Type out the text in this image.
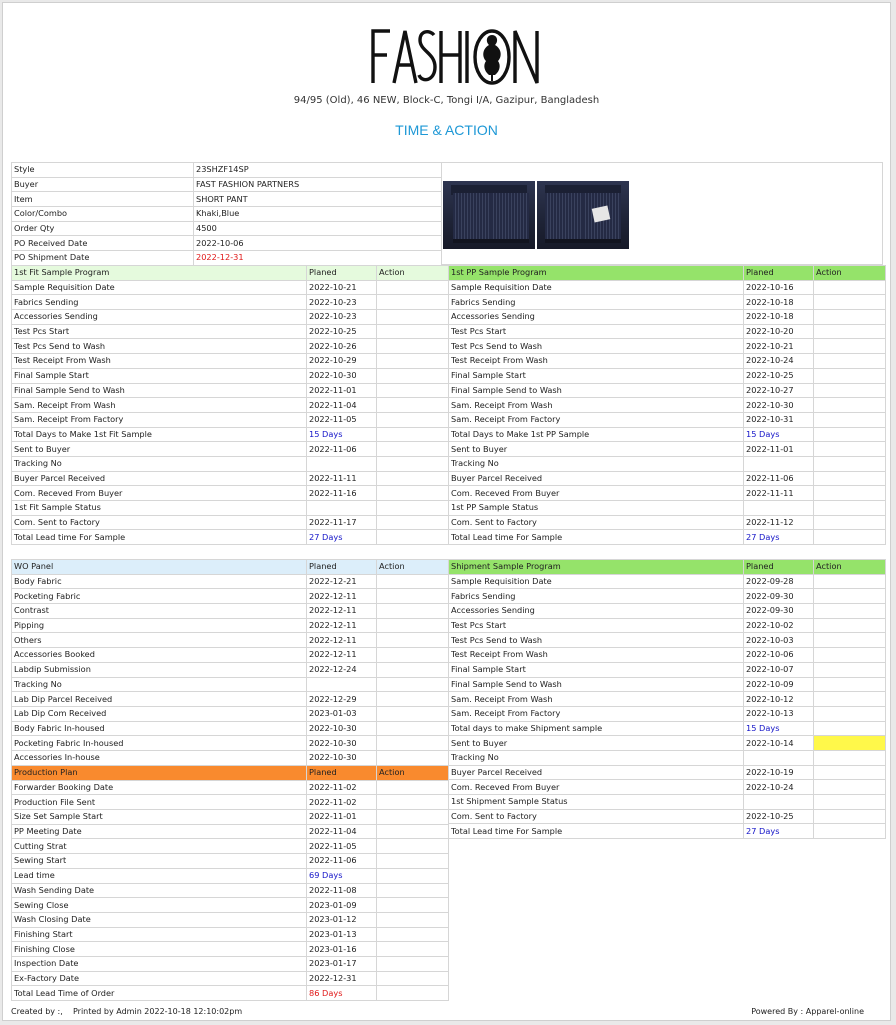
94/95 (Old), 46 NEW, Block-C, Tongi I/A, Gazipur, Bangladesh
TIME & ACTION
Style	23SHZF14SP
Buyer	FAST FASHION PARTNERS
Item	SHORT PANT
Color/Combo	Khaki,Blue
Order Qty	4500
PO Received Date	2022-10-06
PO Shipment Date	2022-12-31
1st Fit Sample Program	Planed	Action
Sample Requisition Date	2022-10-21	
Fabrics Sending	2022-10-23	
Accessories Sending	2022-10-23	
Test Pcs Start	2022-10-25	
Test Pcs Send to Wash	2022-10-26	
Test Receipt From Wash	2022-10-29	
Final Sample Start	2022-10-30	
Final Sample Send to Wash	2022-11-01	
Sam. Receipt From Wash	2022-11-04	
Sam. Receipt From Factory	2022-11-05	
Total Days to Make 1st Fit Sample	15 Days	
Sent to Buyer	2022-11-06	
Tracking No		
Buyer Parcel Received	2022-11-11	
Com. Receved From Buyer	2022-11-16	
1st Fit Sample Status		
Com. Sent to Factory	2022-11-17	
Total Lead time For Sample	27 Days	
1st PP Sample Program	Planed	Action
Sample Requisition Date	2022-10-16	
Fabrics Sending	2022-10-18	
Accessories Sending	2022-10-18	
Test Pcs Start	2022-10-20	
Test Pcs Send to Wash	2022-10-21	
Test Receipt From Wash	2022-10-24	
Final Sample Start	2022-10-25	
Final Sample Send to Wash	2022-10-27	
Sam. Receipt From Wash	2022-10-30	
Sam. Receipt From Factory	2022-10-31	
Total Days to Make 1st PP Sample	15 Days	
Sent to Buyer	2022-11-01	
Tracking No		
Buyer Parcel Received	2022-11-06	
Com. Receved From Buyer	2022-11-11	
1st PP Sample Status		
Com. Sent to Factory	2022-11-12	
Total Lead time For Sample	27 Days	
WO Panel	Planed	Action
Body Fabric	2022-12-21	
Pocketing Fabric	2022-12-11	
Contrast	2022-12-11	
Pipping	2022-12-11	
Others	2022-12-11	
Accessories Booked	2022-12-11	
Labdip Submission	2022-12-24	
Tracking No		
Lab Dip Parcel Received	2022-12-29	
Lab Dip Com Received	2023-01-03	
Body Fabric In-housed	2022-10-30	
Pocketing Fabric In-housed	2022-10-30	
Accessories In-house	2022-10-30	
Production Plan	Planed	Action
Forwarder Booking Date	2022-11-02	
Production File Sent	2022-11-02	
Size Set Sample Start	2022-11-01	
PP Meeting Date	2022-11-04	
Cutting Strat	2022-11-05	
Sewing Start	2022-11-06	
Lead time	69 Days	
Wash Sending Date	2022-11-08	
Sewing Close	2023-01-09	
Wash Closing Date	2023-01-12	
Finishing Start	2023-01-13	
Finishing Close	2023-01-16	
Inspection Date	2023-01-17	
Ex-Factory Date	2022-12-31	
Total Lead Time of Order	86 Days	
Shipment Sample Program	Planed	Action
Sample Requisition Date	2022-09-28	
Fabrics Sending	2022-09-30	
Accessories Sending	2022-09-30	
Test Pcs Start	2022-10-02	
Test Pcs Send to Wash	2022-10-03	
Test Receipt From Wash	2022-10-06	
Final Sample Start	2022-10-07	
Final Sample Send to Wash	2022-10-09	
Sam. Receipt From Wash	2022-10-12	
Sam. Receipt From Factory	2022-10-13	
Total days to make Shipment sample	15 Days	
Sent to Buyer	2022-10-14	
Tracking No		
Buyer Parcel Received	2022-10-19	
Com. Receved From Buyer	2022-10-24	
1st Shipment Sample Status		
Com. Sent to Factory	2022-10-25	
Total Lead time For Sample	27 Days	
Created by :,    Printed by Admin 2022-10-18 12:10:02pm	Powered By : Apparel-online
